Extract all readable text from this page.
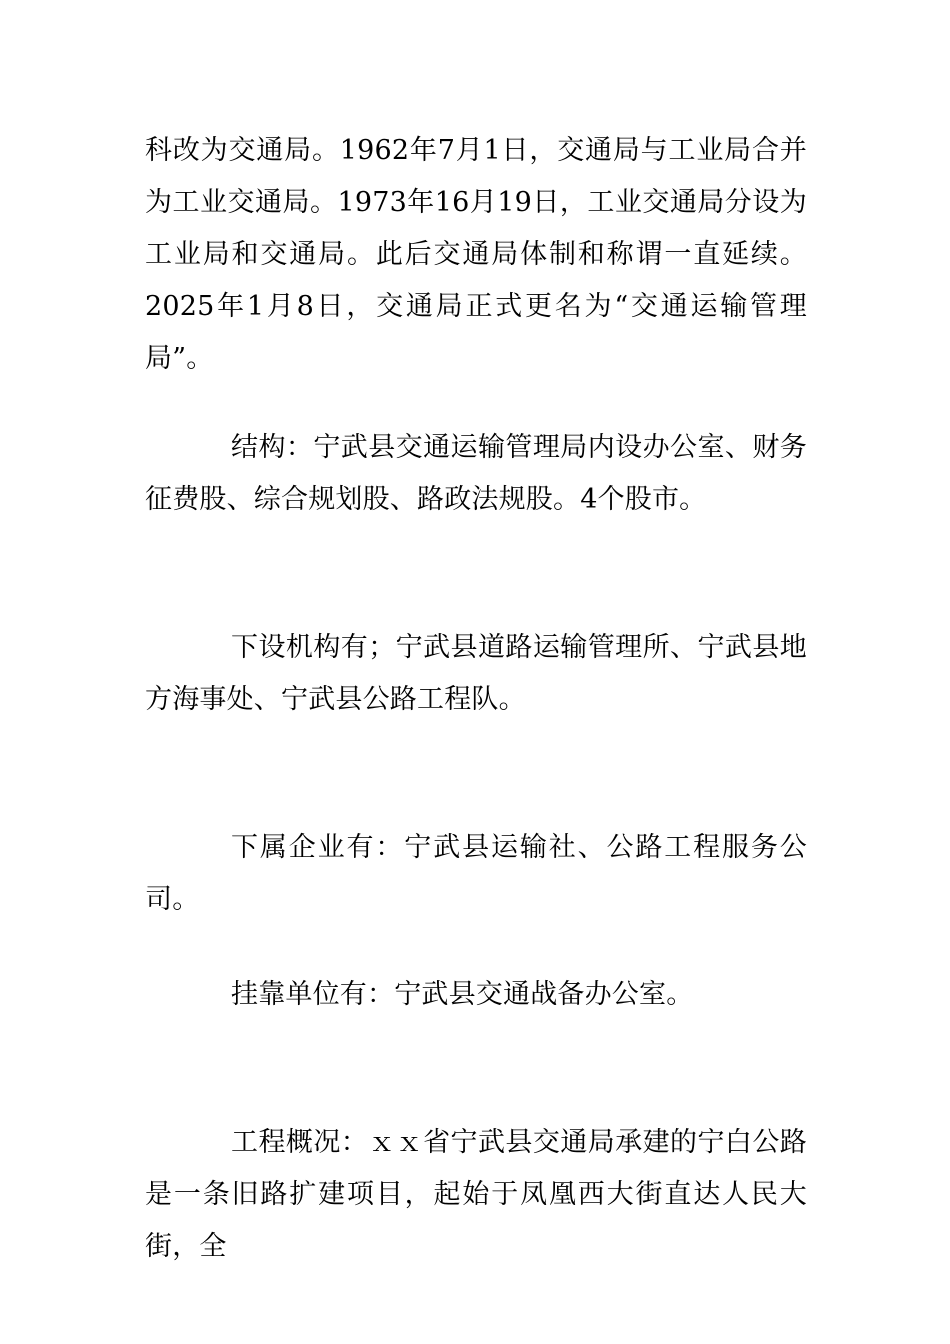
科改为交通局。1962年7月1日，交通局与工业局合并为工业交通局。1973年16月19日，工业交通局分设为工业局和交通局。此后交通局体制和称谓一直延续。2025年1月8日，交通局正式更名为“交通运输管理局”。

结构：宁武县交通运输管理局内设办公室、财务征费股、综合规划股、路政法规股。4个股市。

下设机构有；宁武县道路运输管理所、宁武县地方海事处、宁武县公路工程队。

下属企业有：宁武县运输社、公路工程服务公司。

挂靠单位有：宁武县交通战备办公室。

工程概况：ｘｘ省宁武县交通局承建的宁白公路是一条旧路扩建项目，起始于凤凰西大街直达人民大街，全
